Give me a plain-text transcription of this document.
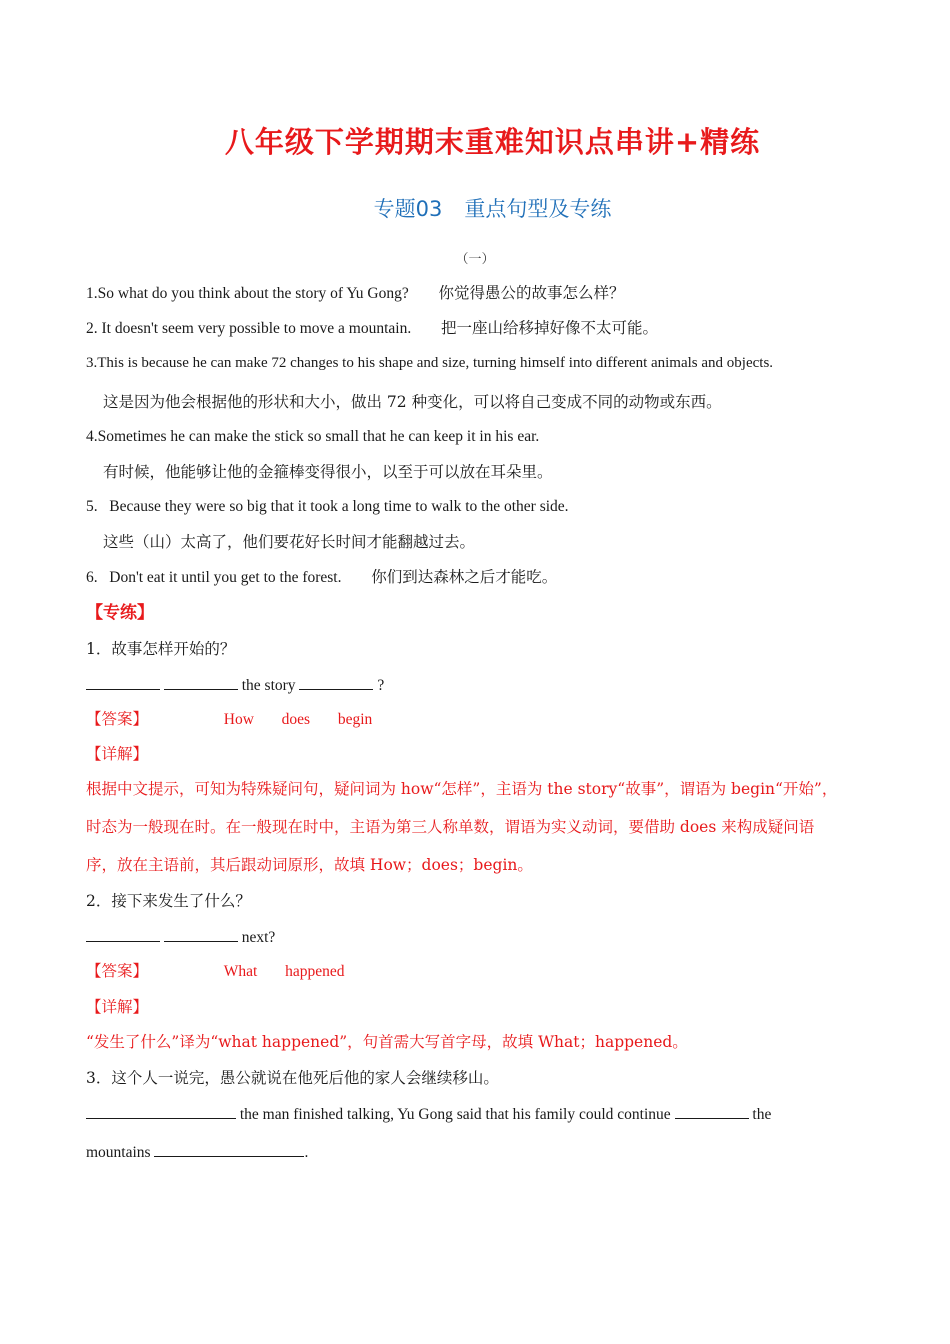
八年级下学期期末重难知识点串讲+精练
专题03 重点句型及专练
（一）
1.So what do you think about the story of Yu Gong? 你觉得愚公的故事怎么样？
2. It doesn't seem very possible to move a mountain. 把一座山给移掉好像不太可能。
3.This is because he can make 72 changes to his shape and size, turning himself into different animals and objects.
这是因为他会根据他的形状和大小，做出 72 种变化，可以将自己变成不同的动物或东西。
4.Sometimes he can make the stick so small that he can keep it in his ear.
有时候，他能够让他的金箍棒变得很小，以至于可以放在耳朵里。
5.   Because they were so big that it took a long time to walk to the other side.
这些（山）太高了，他们要花好长时间才能翻越过去。
6.   Don't eat it until you get to the forest. 你们到达森林之后才能吃。
【专练】
1．故事怎样开始的？
the story	?
【答案】	How does begin
【详解】
根据中文提示，可知为特殊疑问句，疑问词为 how“怎样”，主语为 the story“故事”，谓语为 begin“开始”，
时态为一般现在时。在一般现在时中，主语为第三人称单数，谓语为实义动词，要借助 does 来构成疑问语
序，放在主语前，其后跟动词原形，故填 How；does；begin。
2．接下来发生了什么？
next?
【答案】	What happened
【详解】
“发生了什么”译为“what happened”，句首需大写首字母，故填 What；happened。
3．这个人一说完，愚公就说在他死后他的家人会继续移山。
the man finished talking, Yu Gong said that his family could continue	the
mountains	.
